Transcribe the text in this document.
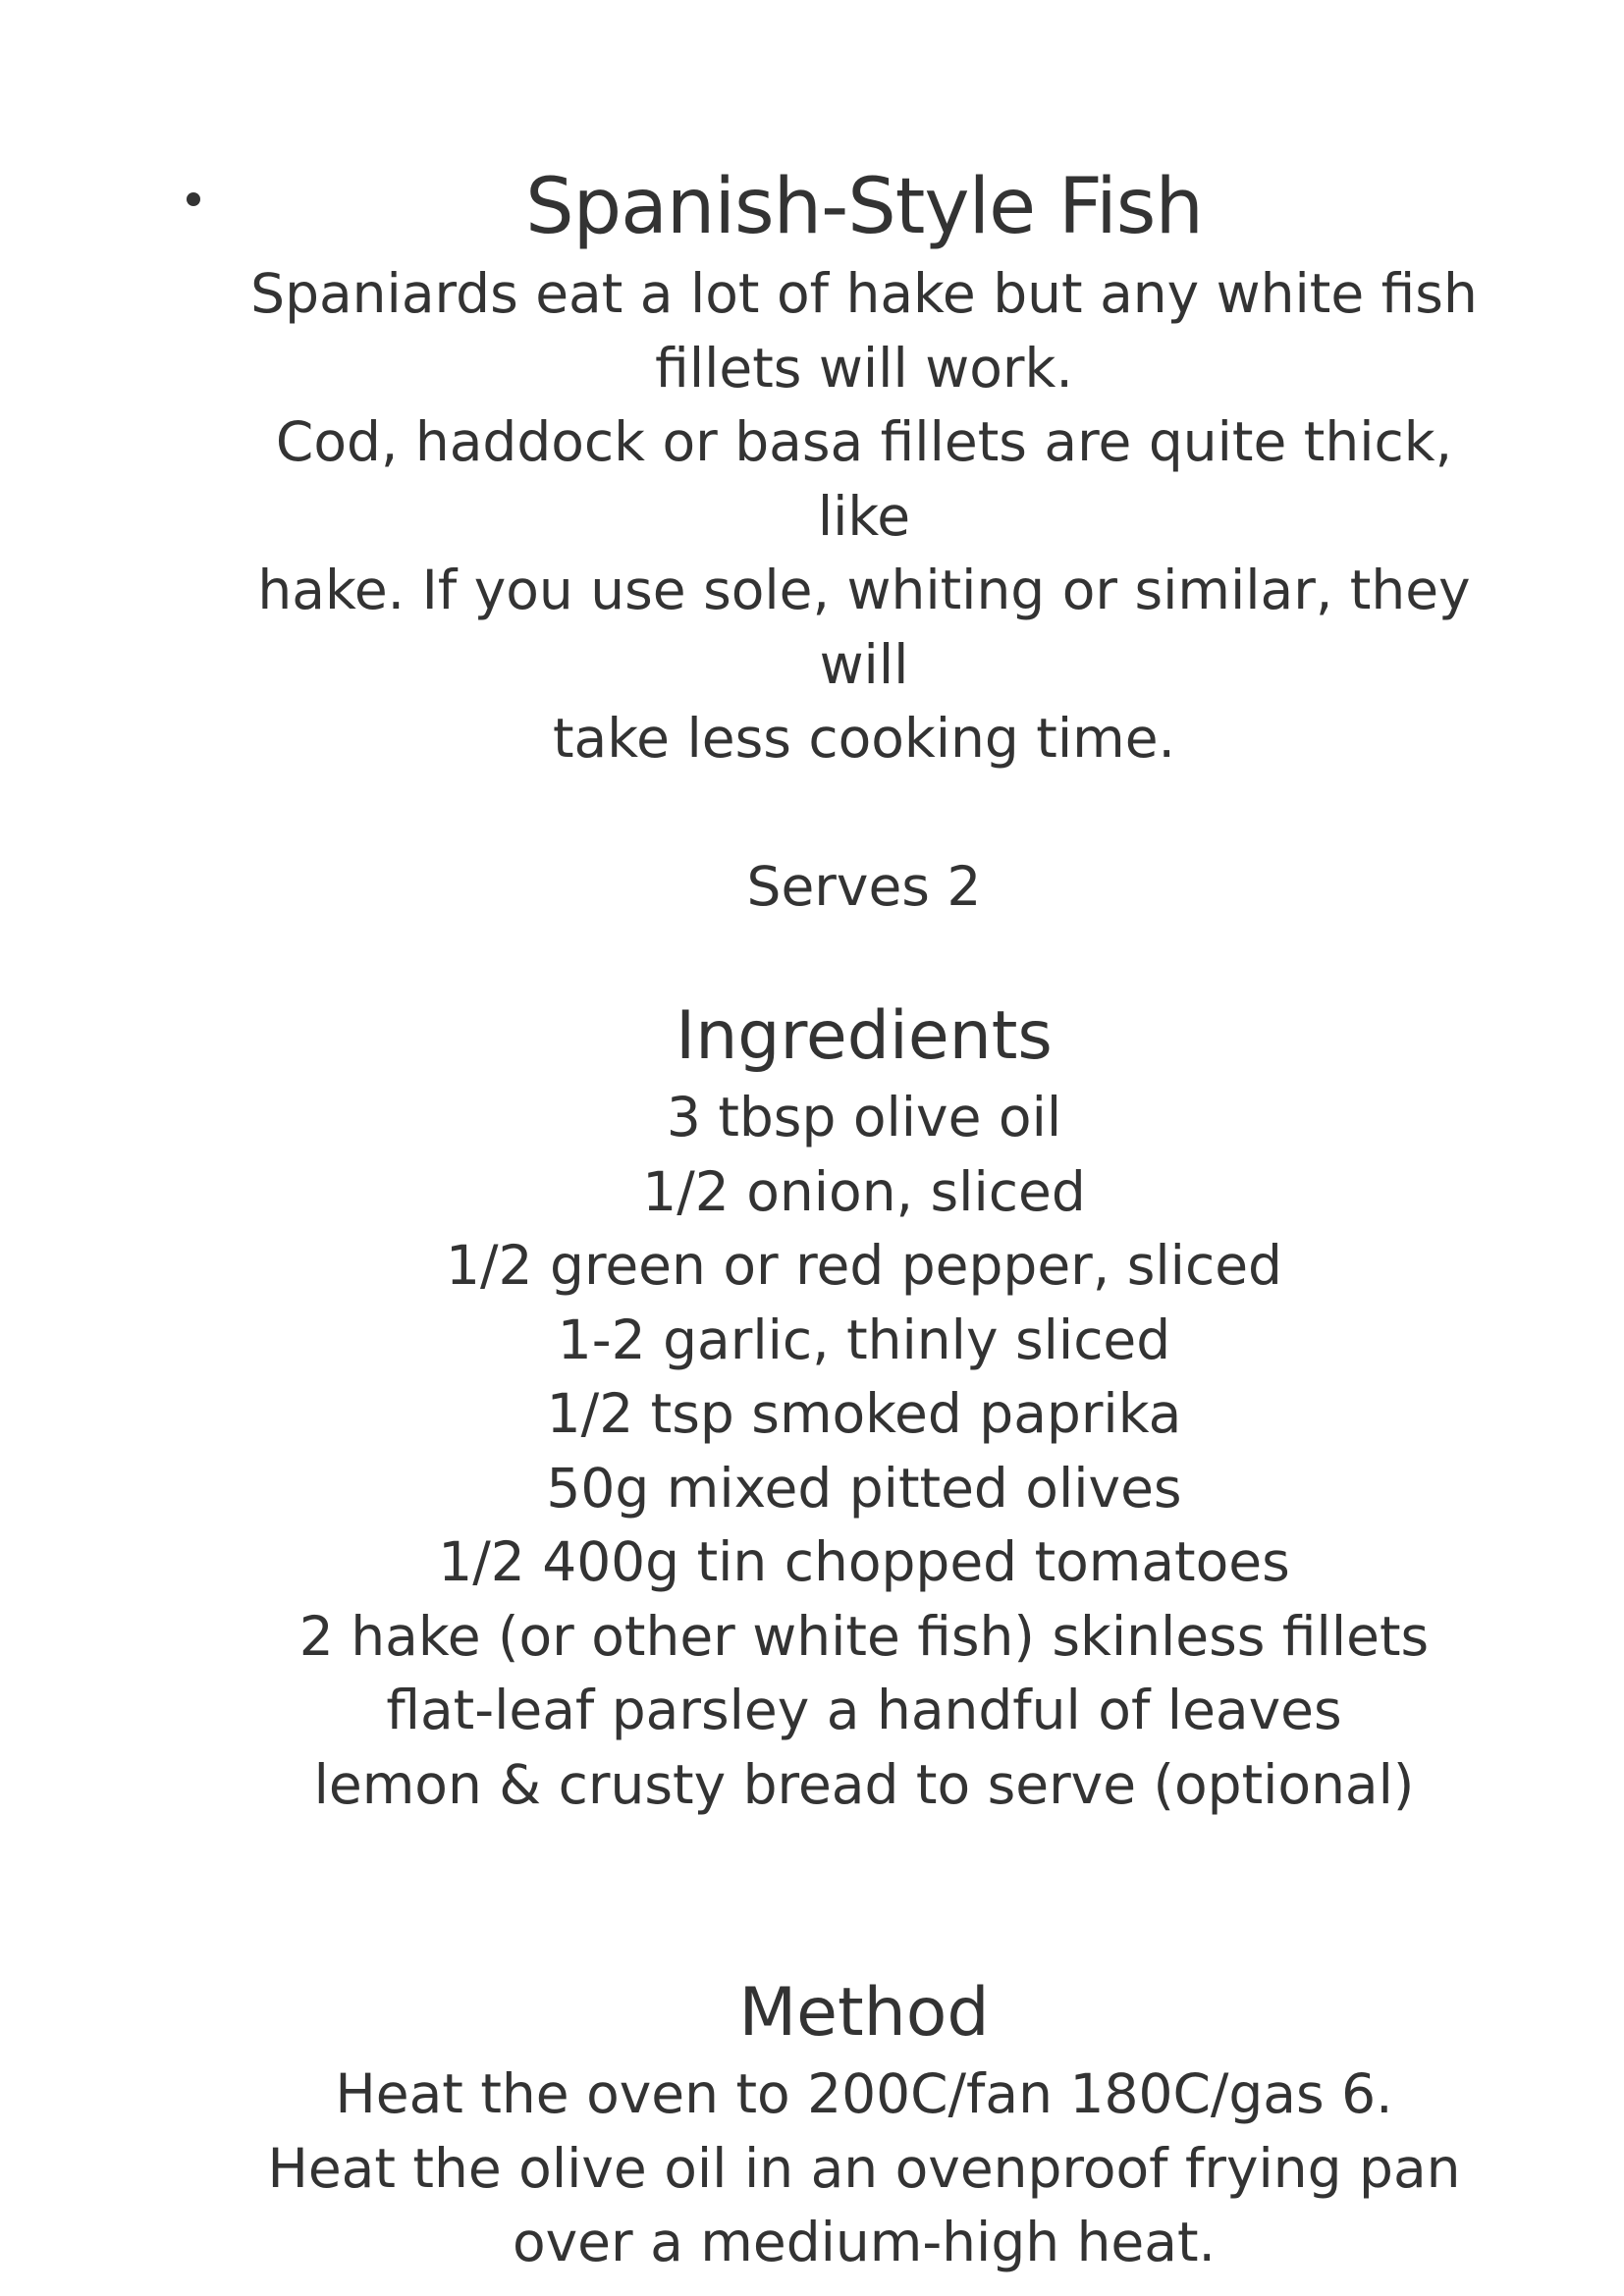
Spanish-Style Fish

Spaniards eat a lot of hake but any white fish

fillets will work.

Cod, haddock or basa fillets are quite thick, like

hake. If you use sole, whiting or similar, they will

take less cooking time.

Serves 2

Ingredients

3 tbsp olive oil

1/2 onion, sliced

1/2 green or red pepper, sliced

1-2 garlic, thinly sliced

1/2 tsp smoked paprika

50g mixed pitted olives

1/2 400g tin chopped tomatoes

2 hake (or other white fish) skinless fillets

flat-leaf parsley a handful of leaves

lemon & crusty bread to serve (optional)

Method

Heat the oven to 200C/fan 180C/gas 6.

Heat the olive oil in an ovenproof frying pan

over a medium-high heat.
